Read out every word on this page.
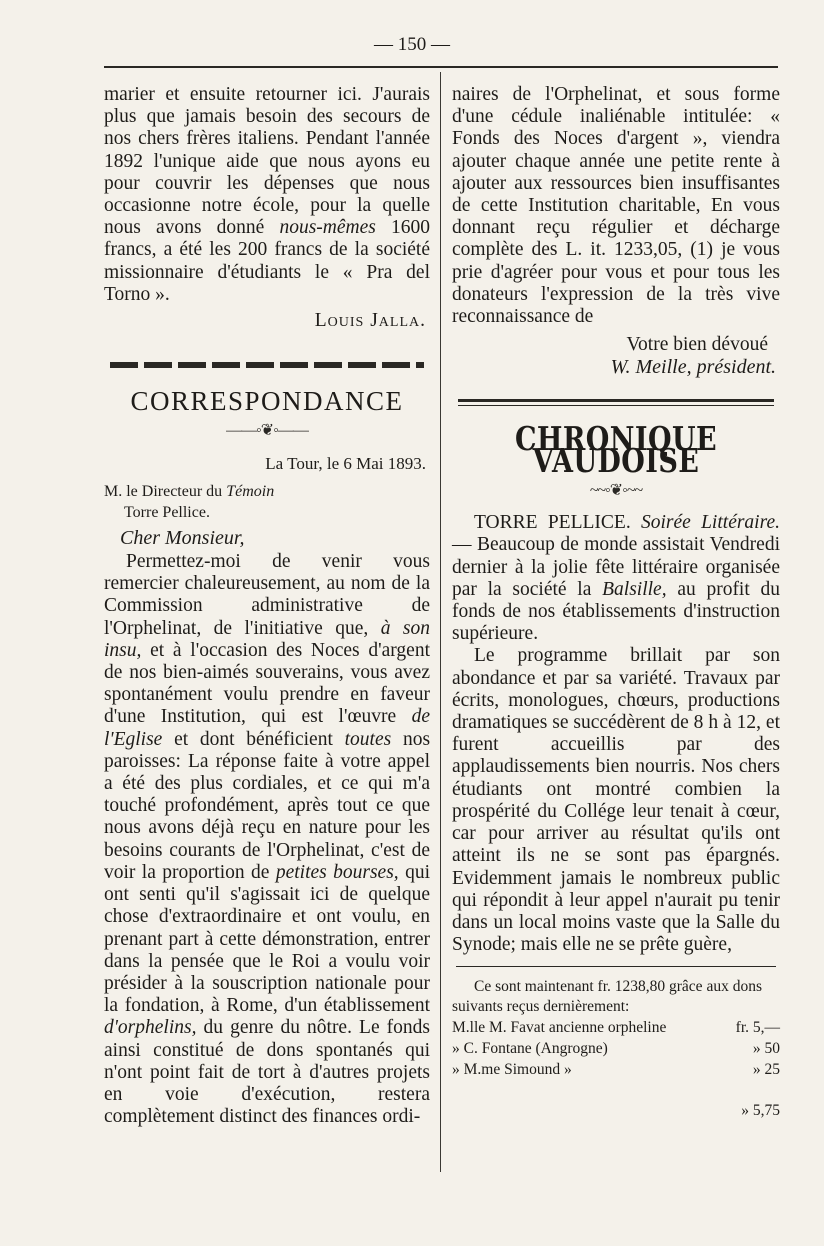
— 150 —

marier et ensuite retourner ici. J'aurais plus que jamais besoin des secours de nos chers frères italiens. Pendant l'année 1892 l'unique aide que nous ayons eu pour couvrir les dépenses que nous occasionne notre école, pour la quelle nous avons donné nous-mêmes 1600 francs, a été les 200 francs de la société missionnaire d'étudiants le « Pra del Torno ».

Louis Jalla.

CORRESPONDANCE
——◦❦◦——

La Tour, le 6 Mai 1893.

M. le Directeur du Témoin

Torre Pellice.

Cher Monsieur,

Permettez-moi de venir vous remercier chaleureusement, au nom de la Commission administrative de l'Orphelinat, de l'initiative que, à son insu, et à l'occasion des Noces d'argent de nos bien-aimés souverains, vous avez spontanément voulu prendre en faveur d'une Institution, qui est l'œuvre de l'Eglise et dont bénéficient toutes nos paroisses: La réponse faite à votre appel a été des plus cordiales, et ce qui m'a touché profondément, après tout ce que nous avons déjà reçu en nature pour les besoins courants de l'Orphelinat, c'est de voir la proportion de petites bourses, qui ont senti qu'il s'agissait ici de quelque chose d'extraordinaire et ont voulu, en prenant part à cette démonstration, entrer dans la pensée que le Roi a voulu voir présider à la souscription nationale pour la fondation, à Rome, d'un établissement d'orphelins, du genre du nôtre. Le fonds ainsi constitué de dons spontanés qui n'ont point fait de tort à d'autres projets en voie d'exécution, restera complètement distinct des finances ordi-

naires de l'Orphelinat, et sous forme d'une cédule inaliénable intitulée: « Fonds des Noces d'argent », viendra ajouter chaque année une petite rente à ajouter aux ressources bien insuffisantes de cette Institution charitable, En vous donnant reçu régulier et décharge complète des L. it. 1233,05, (1) je vous prie d'agréer pour vous et pour tous les donateurs l'expression de la très vive reconnaissance de

Votre bien dévoué

W. Meille, président.

CHRONIQUE VAUDOISE
~~◦❦◦~~

TORRE PELLICE. Soirée Littéraire. — Beaucoup de monde assistait Vendredi dernier à la jolie fête littéraire organisée par la société la Balsille, au profit du fonds de nos établissements d'instruction supérieure.

Le programme brillait par son abondance et par sa variété. Travaux par écrits, monologues, chœurs, productions dramatiques se succédèrent de 8 h à 12, et furent accueillis par des applaudissements bien nourris. Nos chers étudiants ont montré combien la prospérité du Collége leur tenait à cœur, car pour arriver au résultat qu'ils ont atteint ils ne se sont pas épargnés. Evidemment jamais le nombreux public qui répondit à leur appel n'aurait pu tenir dans un local moins vaste que la Salle du Synode; mais elle ne se prête guère,

Ce sont maintenant fr. 1238,80 grâce aux dons suivants reçus dernièrement:

M.lle M. Favat ancienne orpheline	fr. 5,—
» C. Fontane (Angrogne)	» 50
» M.me Simound »	» 25
» 5,75
